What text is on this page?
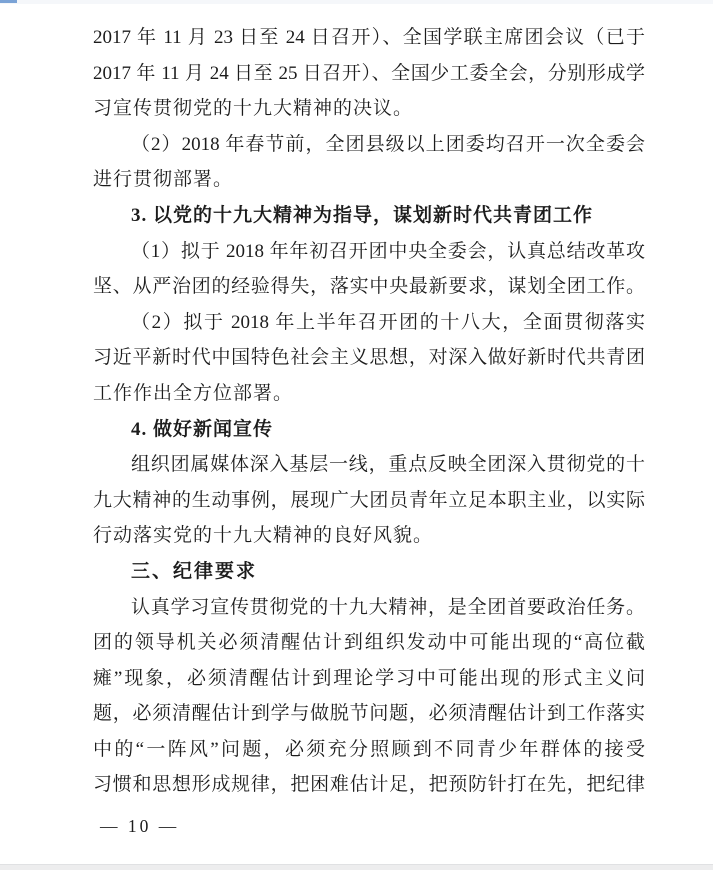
2017 年 11 月 23 日至 24 日召开）、全国学联主席团会议（已于
2017 年 11 月 24 日至 25 日召开）、全国少工委全会，分别形成学
习宣传贯彻党的十九大精神的决议。
（2）2018 年春节前，全团县级以上团委均召开一次全委会
进行贯彻部署。
3. 以党的十九大精神为指导，谋划新时代共青团工作
（1）拟于 2018 年年初召开团中央全委会，认真总结改革攻
坚、从严治团的经验得失，落实中央最新要求，谋划全团工作。
（2）拟于 2018 年上半年召开团的十八大，全面贯彻落实
习近平新时代中国特色社会主义思想，对深入做好新时代共青团
工作作出全方位部署。
4. 做好新闻宣传
组织团属媒体深入基层一线，重点反映全团深入贯彻党的十
九大精神的生动事例，展现广大团员青年立足本职主业，以实际
行动落实党的十九大精神的良好风貌。
三、纪律要求
认真学习宣传贯彻党的十九大精神，是全团首要政治任务。
团的领导机关必须清醒估计到组织发动中可能出现的“高位截
瘫”现象，必须清醒估计到理论学习中可能出现的形式主义问
题，必须清醒估计到学与做脱节问题，必须清醒估计到工作落实
中的“一阵风”问题，必须充分照顾到不同青少年群体的接受
习惯和思想形成规律，把困难估计足，把预防针打在先，把纪律
— 10 —
